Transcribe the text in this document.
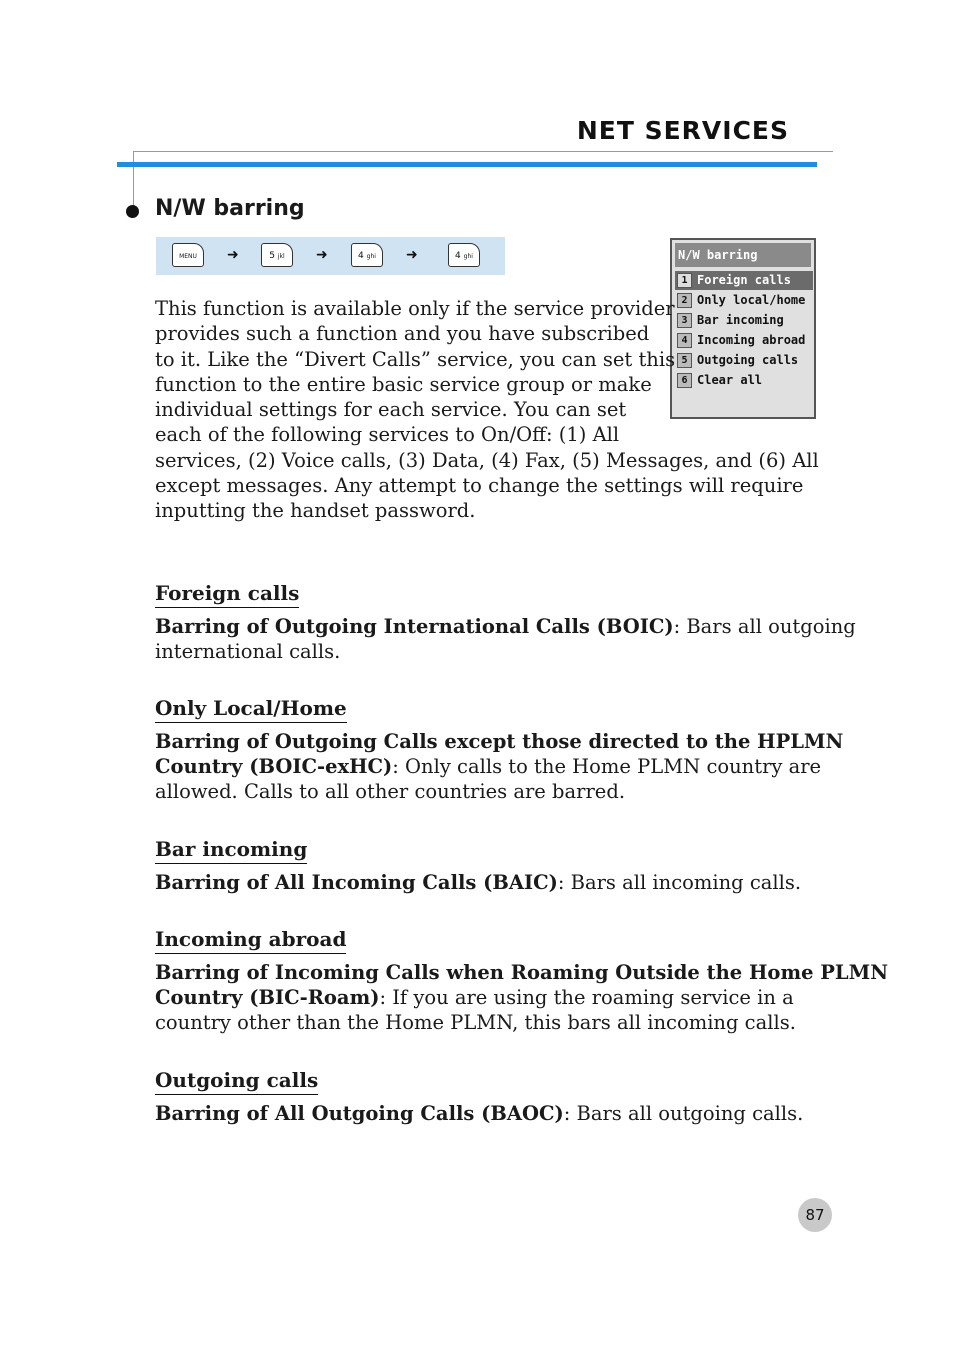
NET SERVICES
N/W barring
MENU	➜	5 jkl	➜	4 ghi	➜	4 ghi	N/W barring
1 Foreign calls
2 Only local/home
3 Bar incoming
4 Incoming abroad
5 Outgoing calls
6 Clear all
This function is available only if the service provider
provides such a function and you have subscribed
to it. Like the “Divert Calls” service, you can set this
function to the entire basic service group or make
individual settings for each service. You can set
each of the following services to On/Off: (1) All
services, (2) Voice calls, (3) Data, (4) Fax, (5) Messages, and (6) All
except messages. Any attempt to change the settings will require
inputting the handset password.
Foreign calls

Barring of Outgoing International Calls (BOIC): Bars all outgoing
international calls.

Only Local/Home

Barring of Outgoing Calls except those directed to the HPLMN
Country (BOIC-exHC): Only calls to the Home PLMN country are
allowed. Calls to all other countries are barred.

Bar incoming

Barring of All Incoming Calls (BAIC): Bars all incoming calls.

Incoming abroad

Barring of Incoming Calls when Roaming Outside the Home PLMN
Country (BIC-Roam): If you are using the roaming service in a
country other than the Home PLMN, this bars all incoming calls.

Outgoing calls

Barring of All Outgoing Calls (BAOC): Bars all outgoing calls.

87
